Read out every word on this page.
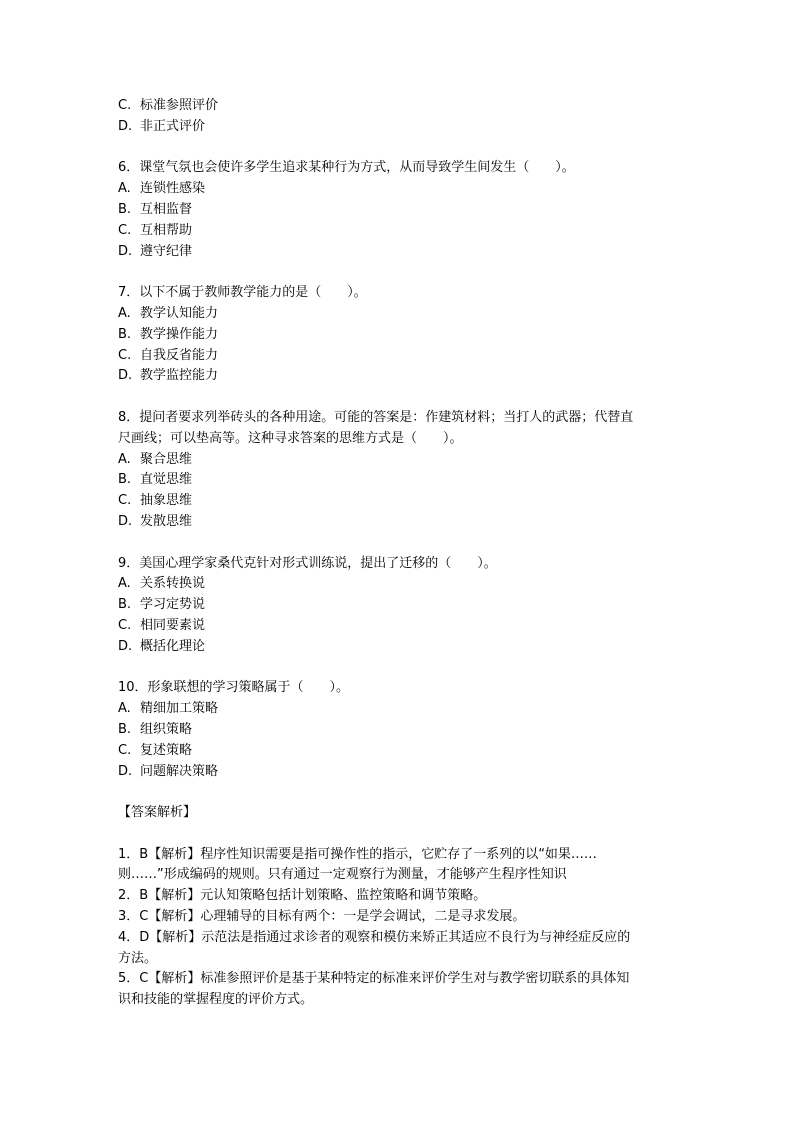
C. 标准参照评价

D. 非正式评价

6．课堂气氛也会使许多学生追求某种行为方式，从而导致学生间发生（　　）。

A. 连锁性感染

B. 互相监督

C. 互相帮助

D. 遵守纪律

7．以下不属于教师教学能力的是（　　）。

A. 教学认知能力

B. 教学操作能力

C. 自我反省能力

D. 教学监控能力

8．提问者要求列举砖头的各种用途。可能的答案是：作建筑材料；当打人的武器；代替直

尺画线；可以垫高等。这种寻求答案的思维方式是（　　）。

A. 聚合思维

B. 直觉思维

C. 抽象思维

D. 发散思维

9．美国心理学家桑代克针对形式训练说，提出了迁移的（　　）。

A. 关系转换说

B. 学习定势说

C. 相同要素说

D. 概括化理论

10．形象联想的学习策略属于（　　）。

A. 精细加工策略

B. 组织策略

C. 复述策略

D. 问题解决策略

【答案解析】

1．B【解析】程序性知识需要是指可操作性的指示，它贮存了一系列的以“如果……

则……”形成编码的规则。只有通过一定观察行为测量，才能够产生程序性知识

2．B【解析】元认知策略包括计划策略、监控策略和调节策略。

3．C【解析】心理辅导的目标有两个：一是学会调试，二是寻求发展。

4．D【解析】示范法是指通过求诊者的观察和模仿来矫正其适应不良行为与神经症反应的

方法。

5．C【解析】标准参照评价是基于某种特定的标准来评价学生对与教学密切联系的具体知

识和技能的掌握程度的评价方式。
